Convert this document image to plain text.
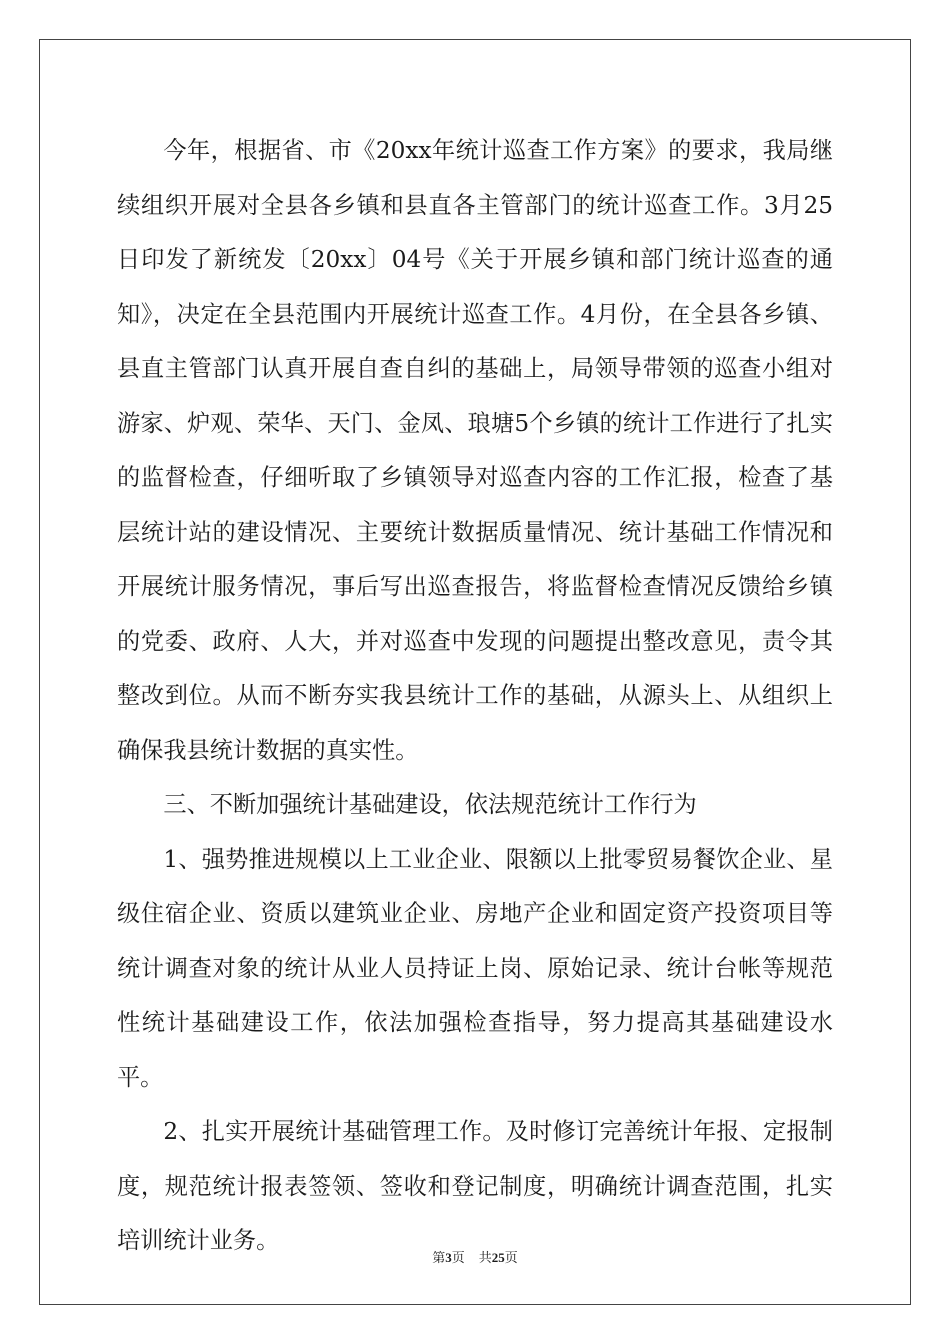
今年，根据省、市《20xx年统计巡查工作方案》的要求，我局继续组织开展对全县各乡镇和县直各主管部门的统计巡查工作。3月25日印发了新统发〔20xx〕04号《关于开展乡镇和部门统计巡查的通知》，决定在全县范围内开展统计巡查工作。4月份，在全县各乡镇、县直主管部门认真开展自查自纠的基础上，局领导带领的巡查小组对游家、炉观、荣华、天门、金凤、琅塘5个乡镇的统计工作进行了扎实的监督检查，仔细听取了乡镇领导对巡查内容的工作汇报，检查了基层统计站的建设情况、主要统计数据质量情况、统计基础工作情况和开展统计服务情况，事后写出巡查报告，将监督检查情况反馈给乡镇的党委、政府、人大，并对巡查中发现的问题提出整改意见，责令其整改到位。从而不断夯实我县统计工作的基础，从源头上、从组织上确保我县统计数据的真实性。

三、不断加强统计基础建设，依法规范统计工作行为

1、强势推进规模以上工业企业、限额以上批零贸易餐饮企业、星级住宿企业、资质以建筑业企业、房地产企业和固定资产投资项目等统计调查对象的统计从业人员持证上岗、原始记录、统计台帐等规范性统计基础建设工作，依法加强检查指导，努力提高其基础建设水平。

2、扎实开展统计基础管理工作。及时修订完善统计年报、定报制度，规范统计报表签领、签收和登记制度，明确统计调查范围，扎实培训统计业务。

第3页 共25页
